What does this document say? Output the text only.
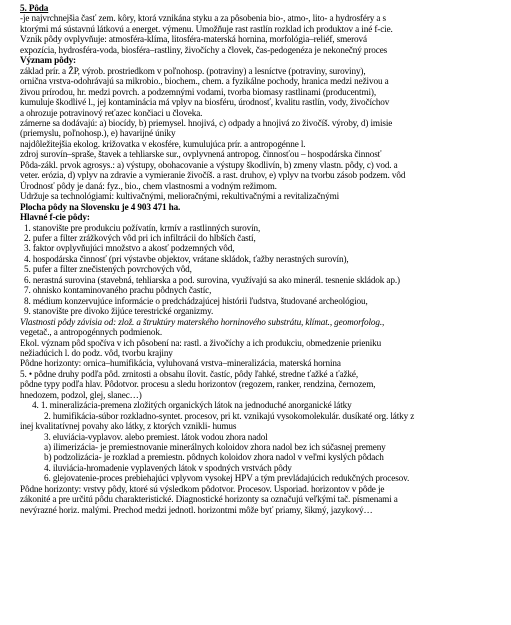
5. Pôda
-je najvrchnejšia časť zem. kôry, ktorá vznikána styku a za pôsobenia bio-, atmo-, lito- a hydrosféry a s
ktorými má sústavnú látkovú a energet. výmenu. Umožňuje rast rastlín rozklad ich produktov a iné f-cie.
Vznik pôdy ovplyvňuje: atmosféra-klíma, litosféra-materská hornina, morfológia–reliéf, smerová
expozícia, hydrosféra-voda, biosféra–rastliny, živočíchy a človek, čas-pedogenéza je nekonečný proces
Význam pôdy:
základ prír. a ŽP, výrob. prostriedkom v poľnohosp. (potraviny) a lesníctve (potraviny, suroviny),
ornična vrstva-odohrávajú sa mikrobio., biochem., chem. a fyzikálne pochody, hranica medzi neživou a
živou prírodou, hr. medzi povrch. a podzemnými vodami, tvorba biomasy rastlinami (producentmi),
kumuluje škodlivé l., jej kontaminácia má vplyv na biosféru, úrodnosť, kvalitu rastlín, vody, živočíchov
a ohrozuje potravinový reťazec končiaci u človeka.
zámerne sa dodávajú: a) biocídy, b) priemysel. hnojivá, c) odpady a hnojivá zo živočíš. výroby, d) imisie
(priemyslu, poľnohosp.), e) havarijné úniky
najdôležitejšia ekolog. križovatka v ekosfére, kumulujúca prír. a antropogénne l.
zdroj surovín–spraše, štavek a tehliarske sur., ovplyvnená antropog. činnosťou – hospodárska činnosť
Pôda-zákl. prvok agrosys.: a) výstupy, obohacovanie a výstupy škodlivín, b) zmeny vlastn. pôdy, c) vod. a
veter. erózia, d) vplyv na zdravie a vymieranie živočíš. a rast. druhov, e) vplyv na tvorbu zásob podzem. vôd
Úrodnosť pôdy je daná: fyz., bio., chem vlastnosmi a vodným režimom.
Udržuje sa technológiami: kultivačnými, melioračnými, rekultivačnými a revitalizačnými
Plocha pôdy na Slovensku je 4 903 471 ha.
Hlavné f-cie pôdy:
1. stanovište pre produkciu požívatín, krmív a rastlinných surovín,
2. pufer a filter zrážkových vôd pri ich infiltrácii do hlbších častí,
3. faktor ovplyvňujúci množstvo a akosť podzemných vôd,
4. hospodárska činnosť (pri výstavbe objektov, vrátane skládok, ťažby nerastných surovín),
5. pufer a filter znečistených povrchových vôd,
6. nerastná surovina (stavebná, tehliarska a pod. surovina, využívajú sa ako minerál. tesnenie skládok ap.)
7. ohnisko kontaminovaného prachu pôdnych častíc,
8. médium konzervujúce informácie o predchádzajúcej histórii ľudstva, študované archeológiou,
9. stanovište pre divoko žijúce terestrické organizmy.
Vlastnosti pôdy závisia od: zlož. a štruktúry materského horninového substrátu, klímat., geomorfolog.,
vegetač., a antropogénnych podmienok.
Ekol. význam pôd spočíva v ich pôsobení na: rastl. a živočíchy a ich produkciu, obmedzenie prieniku
nežiadúcich l. do podz. vôd, tvorbu krajiny
Pôdne horizonty: ornica–humifikácia, vyluhovaná vrstva–mineralizácia, materská hornina
5. • pôdne druhy podľa pôd. zrnitosti a obsahu ílovit. častíc, pôdy ľahké, stredne ťažké a ťažké,
pôdne typy podľa hlav. Pôdotvor. procesu a sledu horizontov (regozem, ranker, rendzina, černozem,
hnedozem, podzol, glej, slanec…)
4. 1. mineralizácia-premena zložitých organických látok na jednoduché anorganické látky
2. humifikácia-súbor rozkladno-syntet. procesov, pri kt. vznikajú vysokomolekulár. dusíkaté org. látky z
inej kvalitatívnej povahy ako látky, z ktorých vznikli- humus
3. eluviácia-vyplavov. alebo premiest. látok vodou zhora nadol
a) ilimerizácia- je premiestnovanie minerálnych koloidov zhora nadol bez ich súčasnej premeny
b) podzolizácia- je rozklad a premiestn. pôdnych koloidov zhora nadol v veľmi kyslých pôdach
4. iluviácia-hromadenie vyplavených látok v spodných vrstvách pôdy
6. glejovatenie-proces prebiehajúci vplyvom vysokej HPV a tým prevládajúcich redukčných procesov.
Pôdne horizonty: vrstvy pôdy, ktoré sú výsledkom pôdotvor. Procesov. Usporiad. horizontov v pôde je
zákonité a pre určitú pôdu charakteristické. Diagnostické horizonty sa označujú veľkými tač. písmenami a
nevýrazné horiz. malými. Prechod medzi jednotl. horizontmi môže byť priamy, šikmý, jazykový…
